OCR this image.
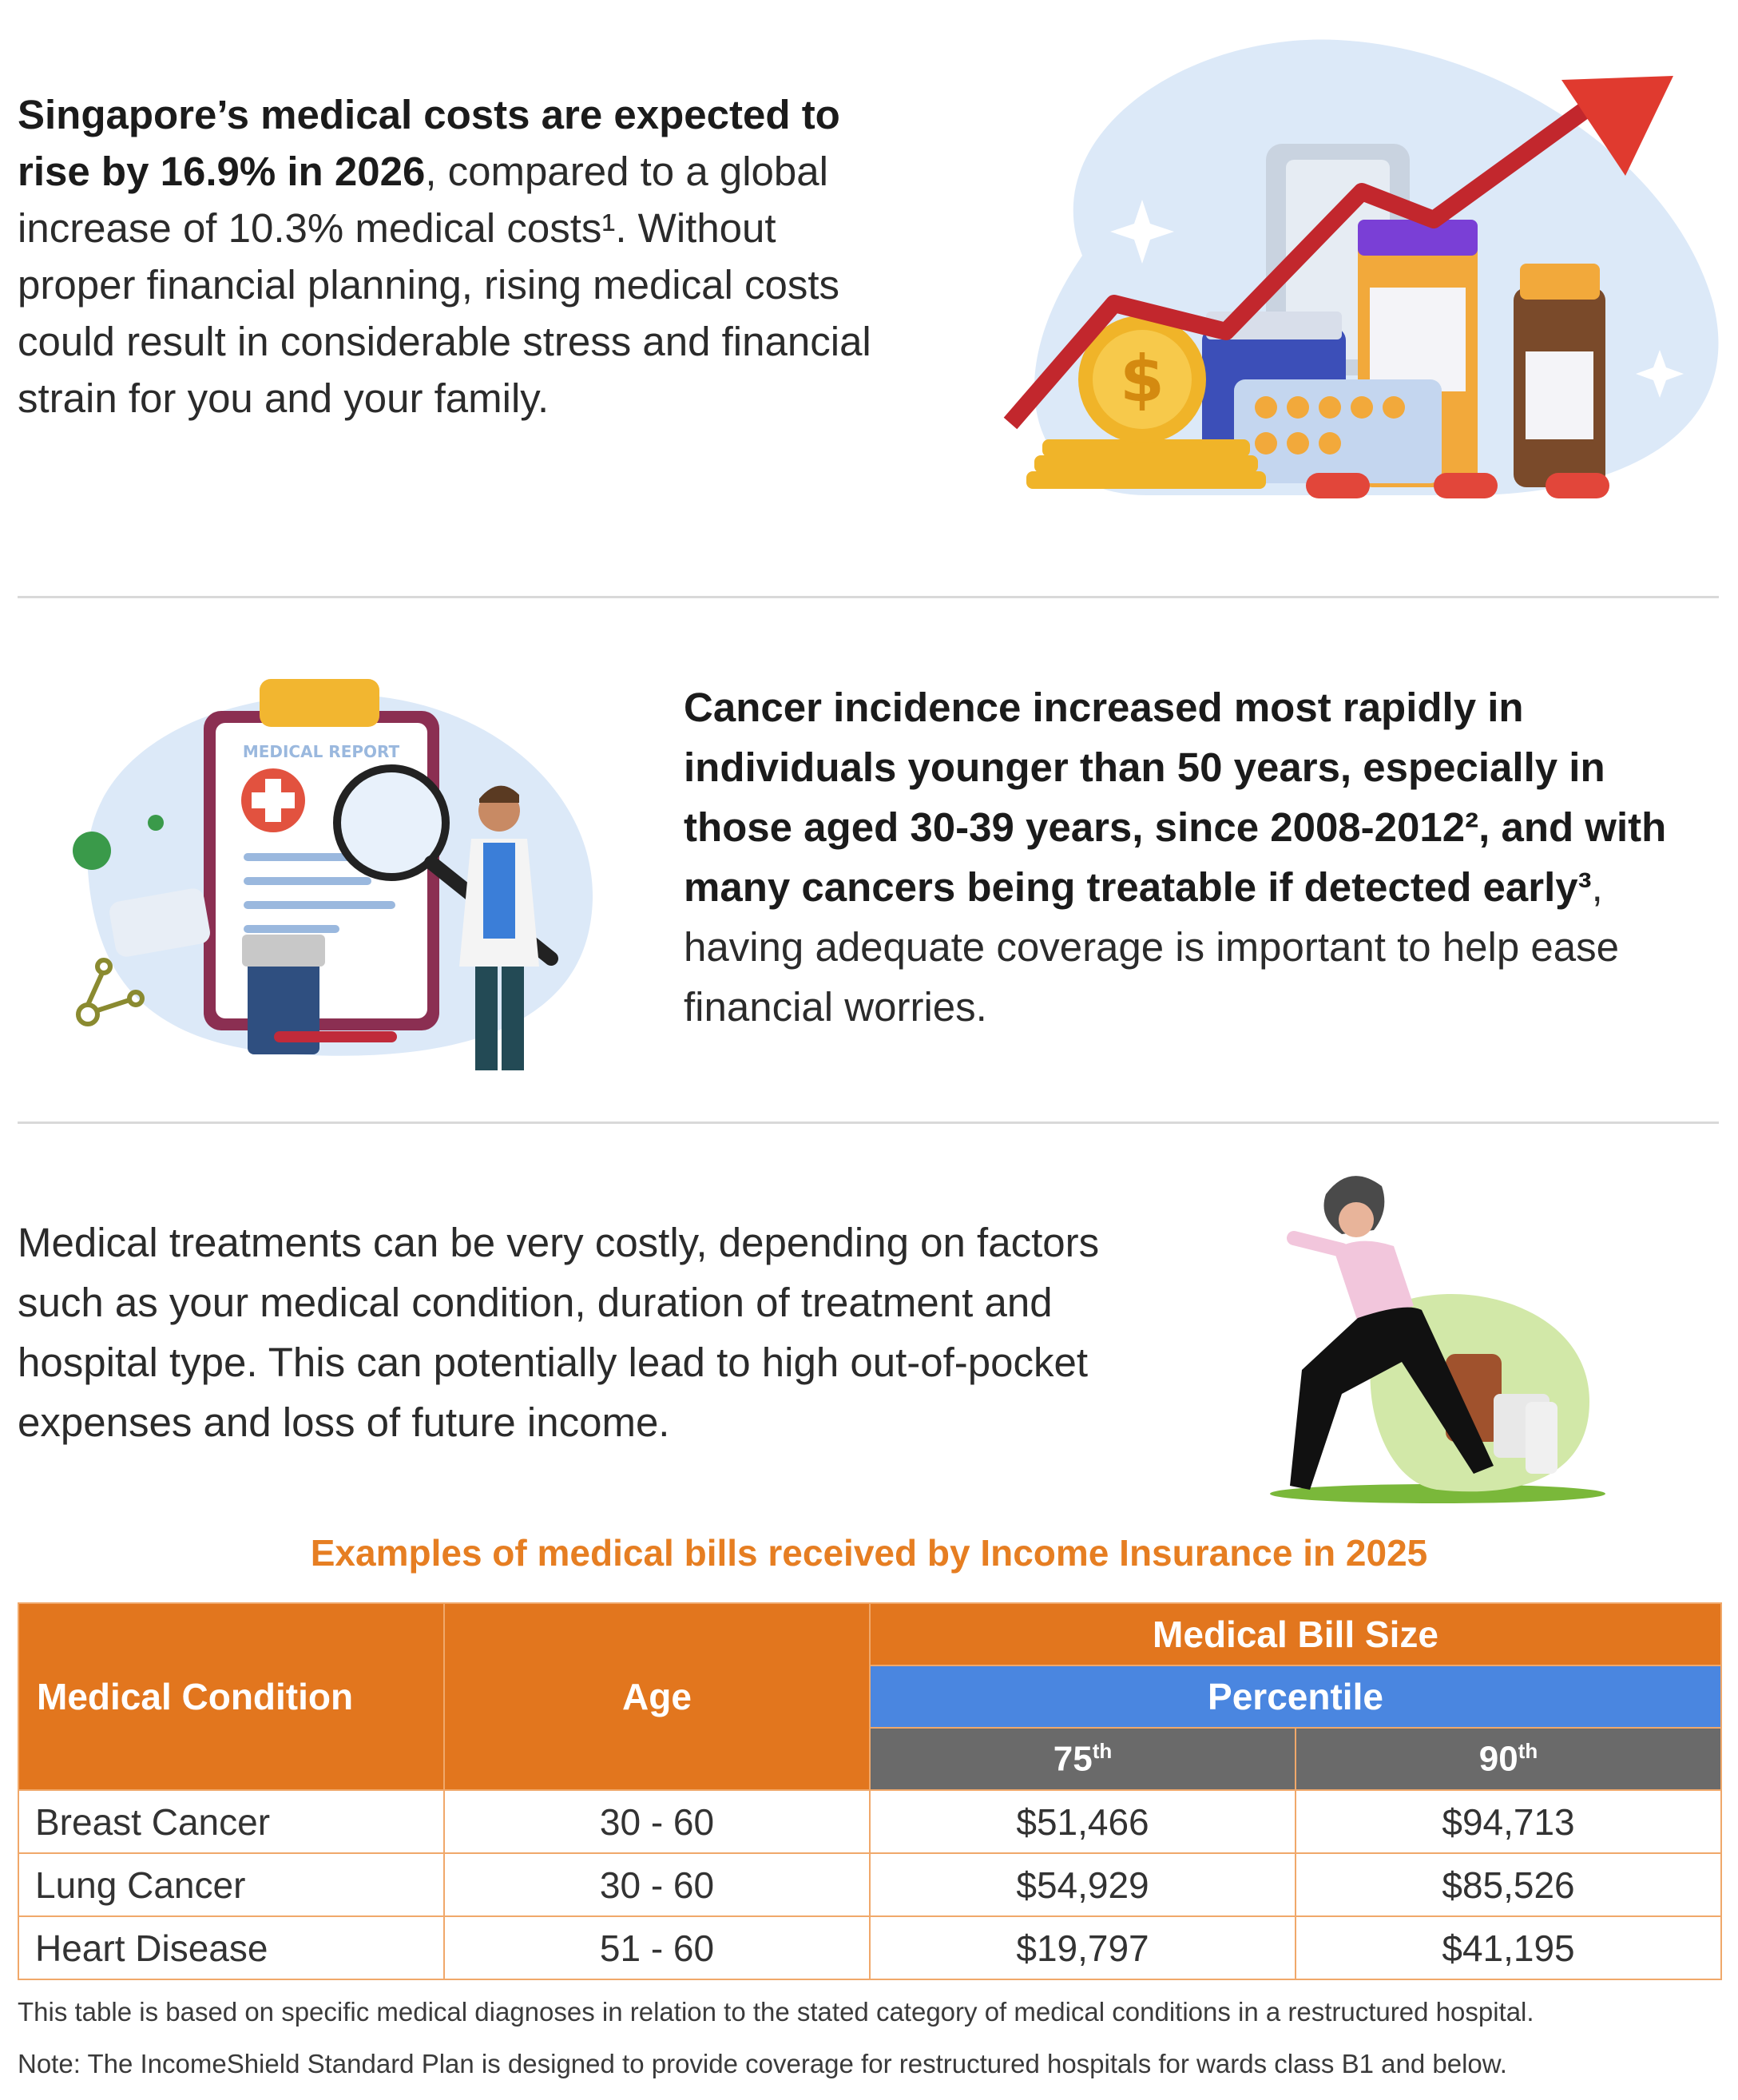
Singapore’s medical costs are expected to rise by 16.9% in 2026, compared to a global increase of 10.3% medical costs¹. Without proper financial planning, rising medical costs could result in considerable stress and financial strain for you and your family.	$
MEDICAL REPORT

Cancer incidence increased most rapidly in individuals younger than 50 years, especially in those aged 30-39 years, since 2008-2012², and with many cancers being treatable if detected early³, having adequate coverage is important to help ease financial worries.

Medical treatments can be very costly, depending on factors such as your medical condition, duration of treatment and hospital type. This can potentially lead to high out-of-pocket expenses and loss of future income.

Examples of medical bills received by Income Insurance in 2025
Medical Condition	Age	Medical Bill Size	
		Percentile	
		75th	90th
Breast Cancer	30 - 60	$51,466	$94,713
Lung Cancer	30 - 60	$54,929	$85,526
Heart Disease	51 - 60	$19,797	$41,195
This table is based on specific medical diagnoses in relation to the stated category of medical conditions in a restructured hospital.
Note: The IncomeShield Standard Plan is designed to provide coverage for restructured hospitals for wards class B1 and below.
